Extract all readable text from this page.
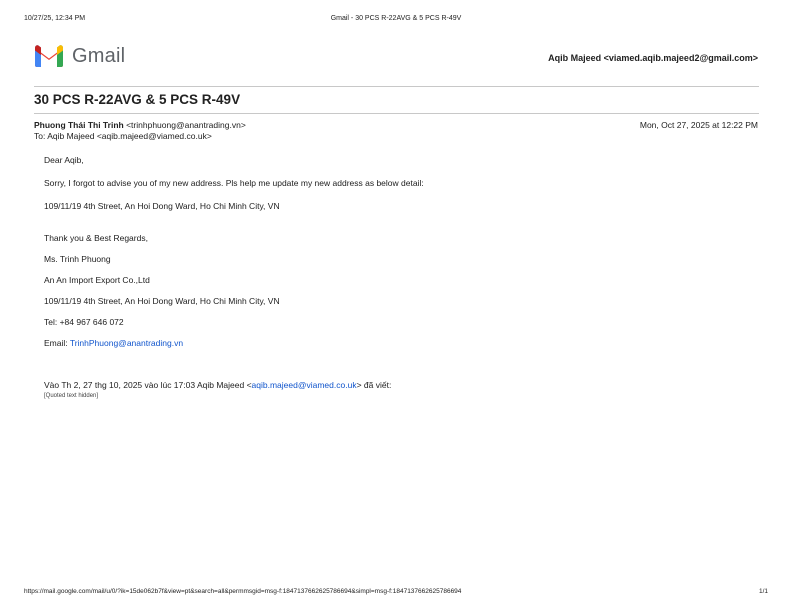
10/27/25, 12:34 PM	Gmail - 30 PCS R-22AVG & 5 PCS R-49V
Gmail	Aqib Majeed <viamed.aqib.majeed2@gmail.com>
30 PCS R-22AVG & 5 PCS R-49V
Phuong Thái Thi Trinh <trinhphuong@anantrading.vn>
To: Aqib Majeed <aqib.majeed@viamed.co.uk>
Mon, Oct 27, 2025 at 12:22 PM
Dear Aqib,
Sorry, I forgot to advise you of my new address. Pls help me update my new address as below detail:
109/11/19 4th Street, An Hoi Dong Ward, Ho Chi Minh City, VN
Thank you & Best Regards,
Ms. Trinh Phuong
An An Import Export Co.,Ltd
109/11/19 4th Street, An Hoi Dong Ward, Ho Chi Minh City, VN
Tel: +84 967 646 072
Email: TrinhPhuong@anantrading.vn
Vào Th 2, 27 thg 10, 2025 vào lúc 17:03 Aqib Majeed <aqib.majeed@viamed.co.uk> đã viết:
[Quoted text hidden]
https://mail.google.com/mail/u/0/?ik=15de062b7f&view=pt&search=all&permmsgid=msg-f:1847137662625786694&simpl=msg-f:1847137662625786694	1/1
